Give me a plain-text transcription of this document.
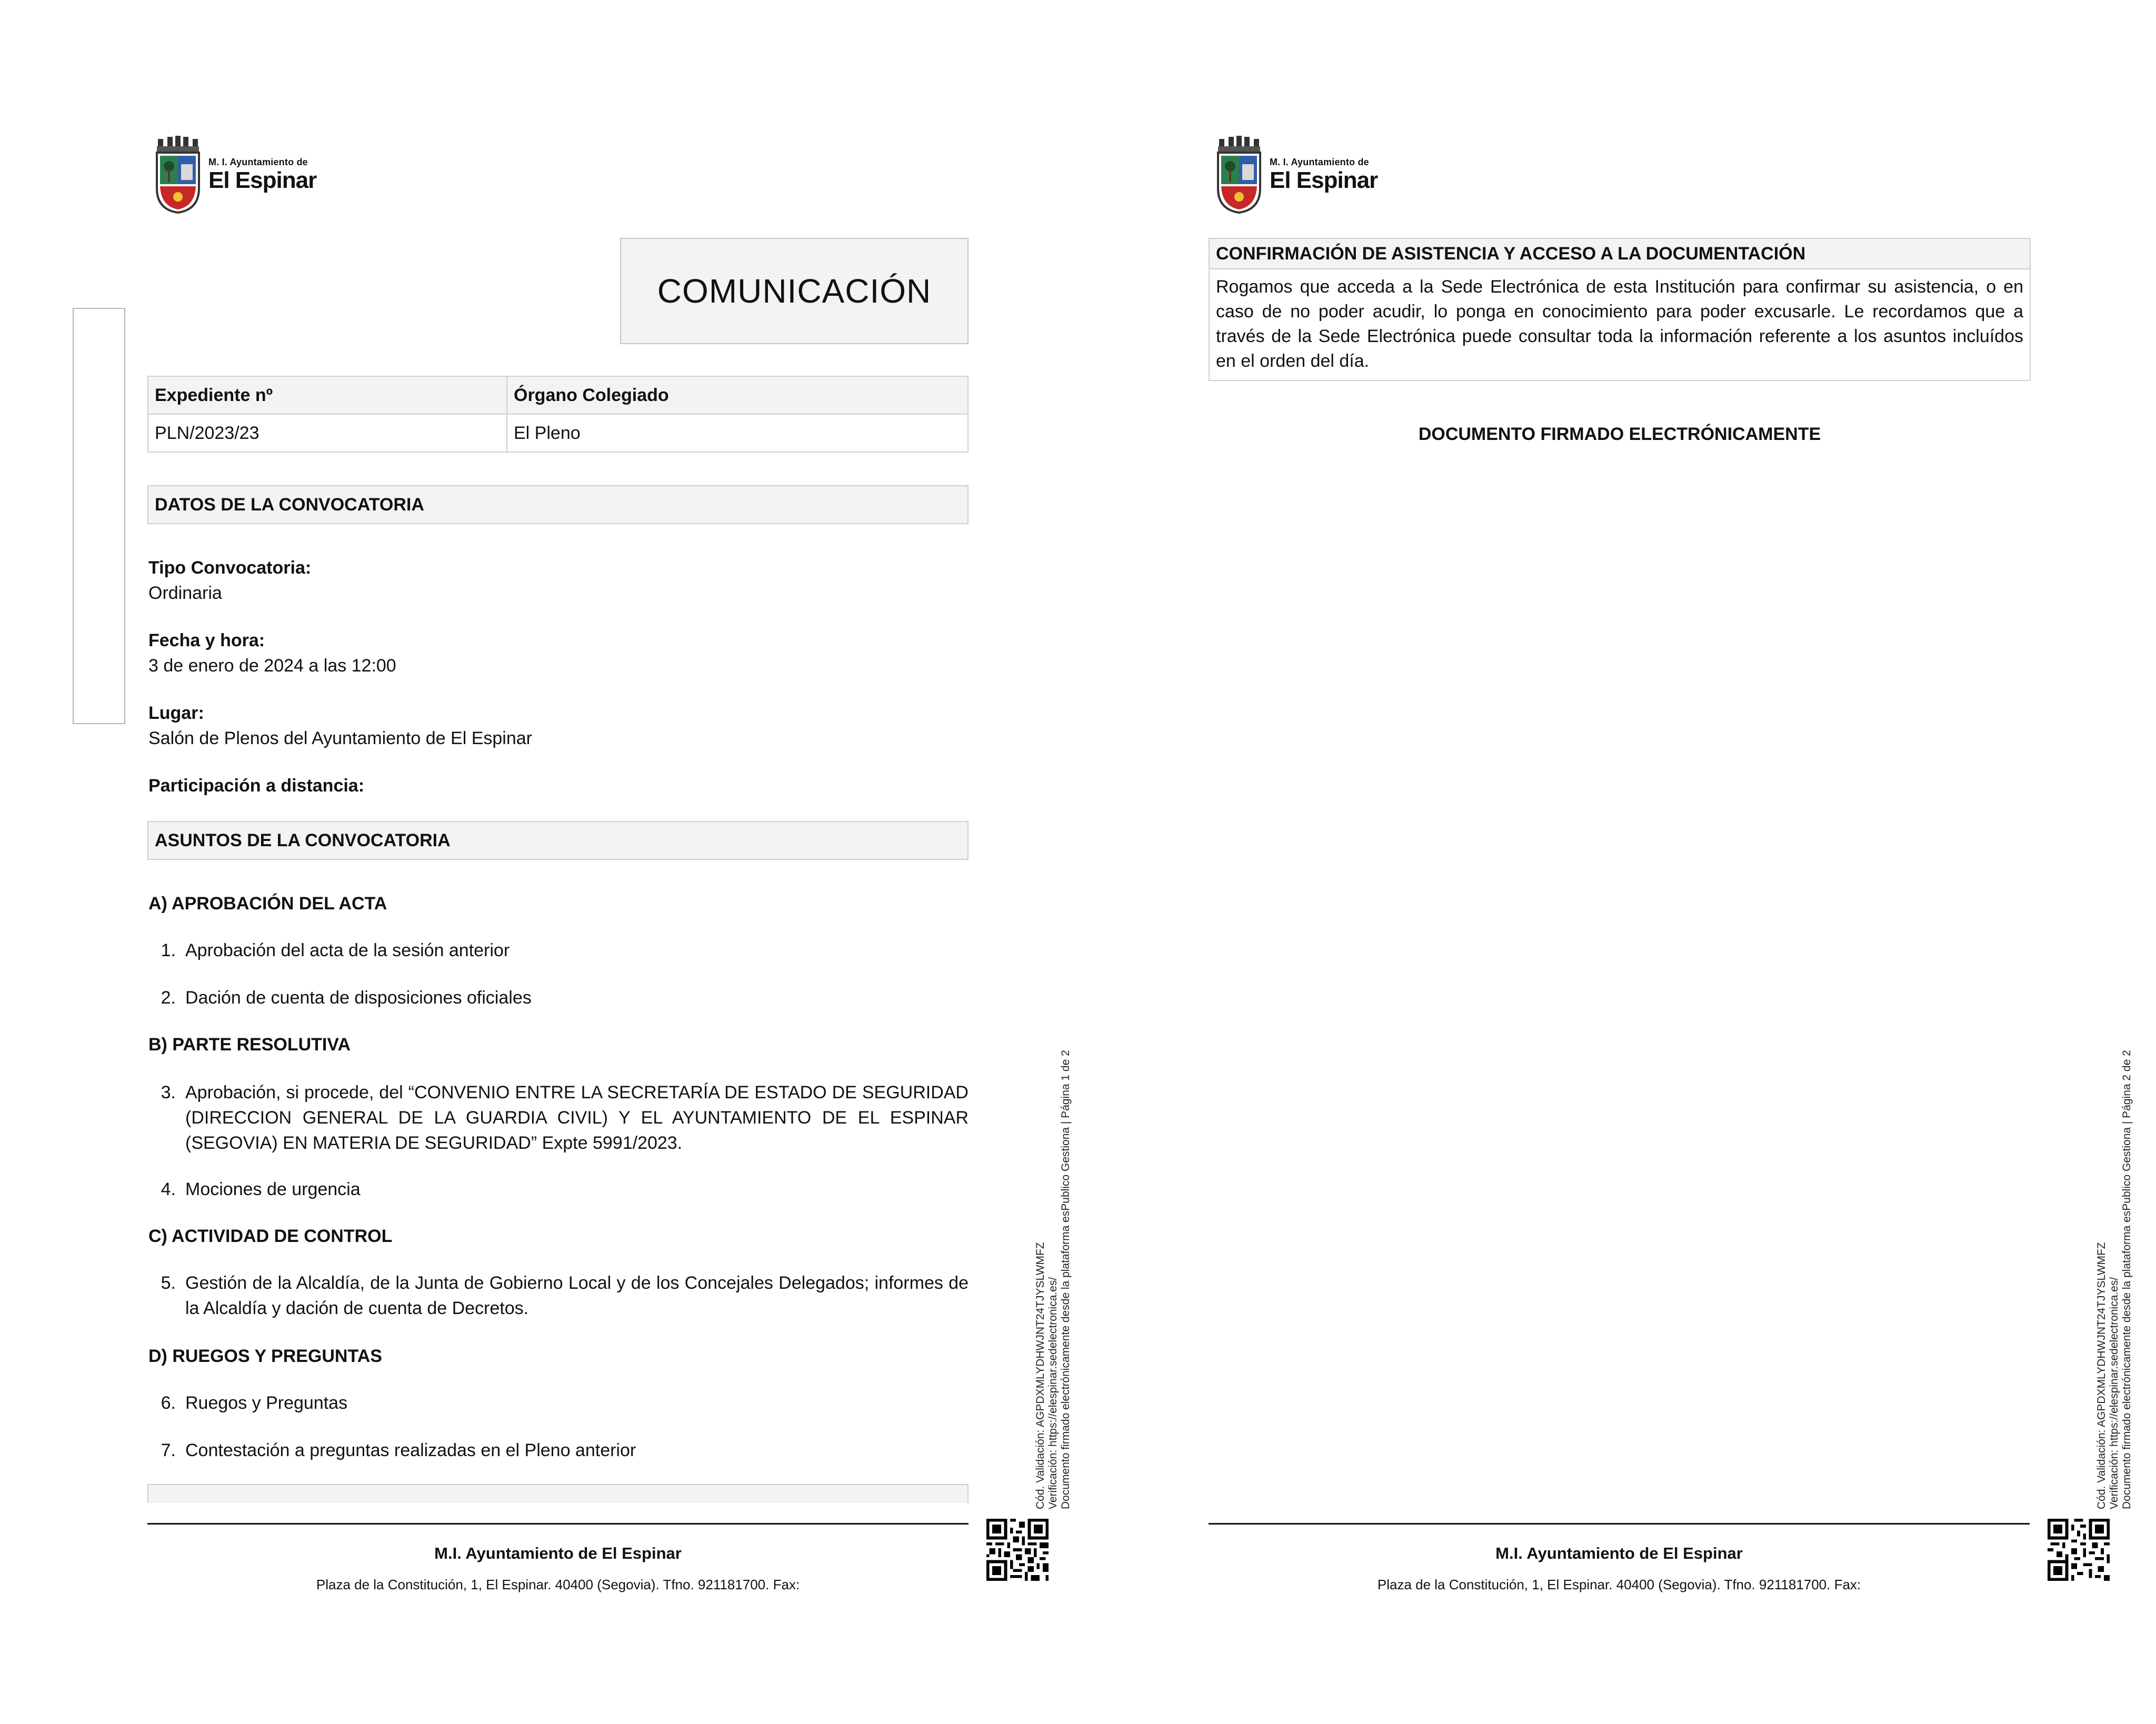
M. I. Ayuntamiento de
El Espinar
COMUNICACIÓN
Expediente nº	Órgano Colegiado
PLN/2023/23	El Pleno
DATOS DE LA CONVOCATORIA
Tipo Convocatoria:
Ordinaria
Fecha y hora:
3 de enero de 2024 a las 12:00
Lugar:
Salón de Plenos del Ayuntamiento de El Espinar
Participación a distancia:
ASUNTOS DE LA CONVOCATORIA
A) APROBACIÓN DEL ACTA
1. Aprobación del acta de la sesión anterior
2. Dación de cuenta de disposiciones oficiales
B) PARTE RESOLUTIVA
3. Aprobación, si procede, del “CONVENIO ENTRE LA SECRETARÍA DE ESTADO DE SEGURIDAD (DIRECCION GENERAL DE LA GUARDIA CIVIL) Y EL AYUNTAMIENTO DE EL ESPINAR (SEGOVIA) EN MATERIA DE SEGURIDAD” Expte 5991/2023.
4. Mociones de urgencia
C) ACTIVIDAD DE CONTROL
5. Gestión de la Alcaldía, de la Junta de Gobierno Local y de los Concejales Delegados; informes de la Alcaldía y dación de cuenta de Decretos.
D) RUEGOS Y PREGUNTAS
6. Ruegos y Preguntas
7. Contestación a preguntas realizadas en el Pleno anterior
M.I. Ayuntamiento de El Espinar
Plaza de la Constitución, 1, El Espinar. 40400 (Segovia). Tfno. 921181700. Fax:
Cód. Validación: AGPDXMLYDHWJNT24TJYSLWMFZ Verificación: https://elespinar.sedelectronica.es/ Documento firmado electrónicamente desde la plataforma esPublico Gestiona | Página 1 de 2
M. I. Ayuntamiento de
El Espinar
CONFIRMACIÓN DE ASISTENCIA Y ACCESO A LA DOCUMENTACIÓN
Rogamos que acceda a la Sede Electrónica de esta Institución para confirmar su asistencia, o en caso de no poder acudir, lo ponga en conocimiento para poder excusarle. Le recordamos que a través de la Sede Electrónica puede consultar toda la información referente a los asuntos incluídos en el orden del día.
DOCUMENTO FIRMADO ELECTRÓNICAMENTE
M.I. Ayuntamiento de El Espinar
Plaza de la Constitución, 1, El Espinar. 40400 (Segovia). Tfno. 921181700. Fax:
Cód. Validación: AGPDXMLYDHWJNT24TJYSLWMFZ Verificación: https://elespinar.sedelectronica.es/ Documento firmado electrónicamente desde la plataforma esPublico Gestiona | Página 2 de 2
